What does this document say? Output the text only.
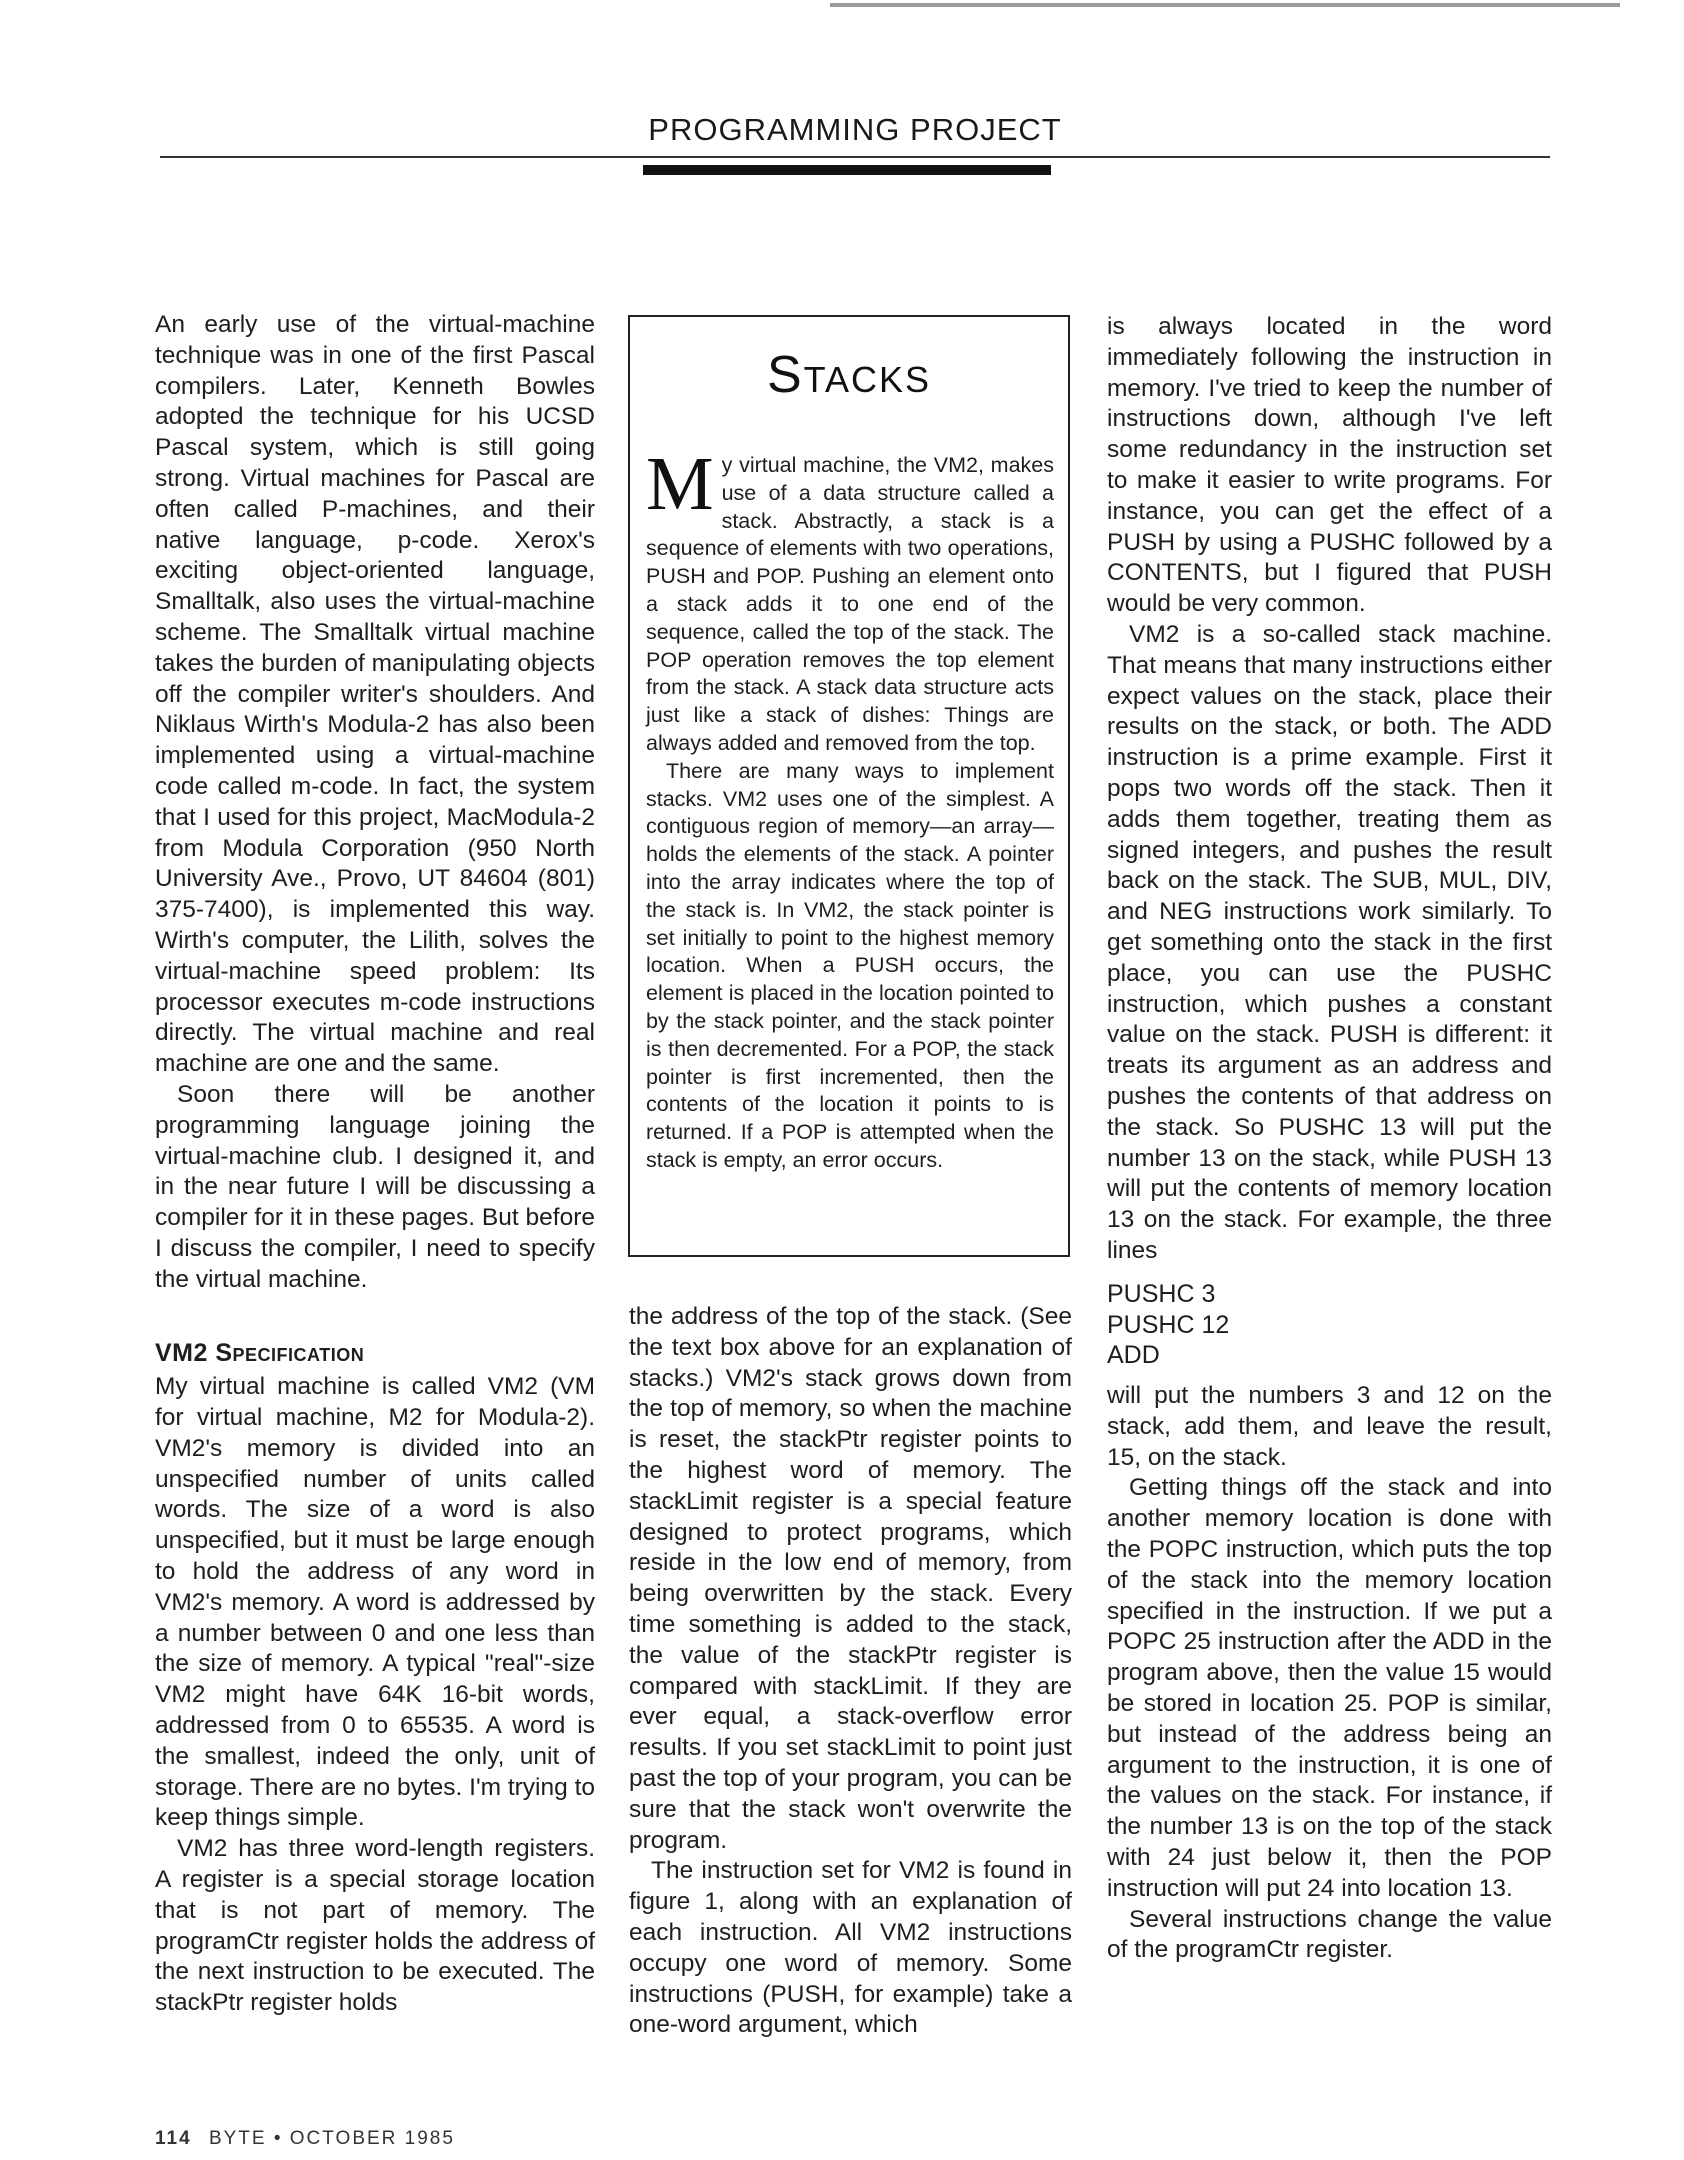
PROGRAMMING PROJECT

An early use of the virtual-machine technique was in one of the first Pascal compilers. Later, Kenneth Bowles adopted the technique for his UCSD Pascal system, which is still going strong. Virtual machines for Pascal are often called P-machines, and their native language, p-code. Xerox's exciting object-oriented language, Smalltalk, also uses the virtual-machine scheme. The Smalltalk virtual machine takes the burden of manipulating objects off the compiler writer's shoulders. And Niklaus Wirth's Modula-2 has also been implemented using a virtual-machine code called m-code. In fact, the system that I used for this project, MacModula-2 from Modula Corporation (950 North University Ave., Provo, UT 84604 (801) 375-7400), is implemented this way. Wirth's computer, the Lilith, solves the virtual-machine speed problem: Its processor executes m-code instructions directly. The virtual machine and real machine are one and the same.

Soon there will be another programming language joining the virtual-machine club. I designed it, and in the near future I will be discussing a compiler for it in these pages. But before I discuss the compiler, I need to specify the virtual machine.

VM2 Specification

My virtual machine is called VM2 (VM for virtual machine, M2 for Modula-2). VM2's memory is divided into an unspecified number of units called words. The size of a word is also unspecified, but it must be large enough to hold the address of any word in VM2's memory. A word is addressed by a number between 0 and one less than the size of memory. A typical "real"-size VM2 might have 64K 16-bit words, addressed from 0 to 65535. A word is the smallest, indeed the only, unit of storage. There are no bytes. I'm trying to keep things simple.

VM2 has three word-length registers. A register is a special storage location that is not part of memory. The programCtr register holds the address of the next instruction to be executed. The stackPtr register holds

Stacks

My virtual machine, the VM2, makes use of a data structure called a stack. Abstractly, a stack is a sequence of elements with two operations, PUSH and POP. Pushing an element onto a stack adds it to one end of the sequence, called the top of the stack. The POP operation removes the top element from the stack. A stack data structure acts just like a stack of dishes: Things are always added and removed from the top.

There are many ways to implement stacks. VM2 uses one of the simplest. A contiguous region of memory—an array—holds the elements of the stack. A pointer into the array indicates where the top of the stack is. In VM2, the stack pointer is set initially to point to the highest memory location. When a PUSH occurs, the element is placed in the location pointed to by the stack pointer, and the stack pointer is then decremented. For a POP, the stack pointer is first incremented, then the contents of the location it points to is returned. If a POP is attempted when the stack is empty, an error occurs.

the address of the top of the stack. (See the text box above for an explanation of stacks.) VM2's stack grows down from the top of memory, so when the machine is reset, the stackPtr register points to the highest word of memory. The stackLimit register is a special feature designed to protect programs, which reside in the low end of memory, from being overwritten by the stack. Every time something is added to the stack, the value of the stackPtr register is compared with stackLimit. If they are ever equal, a stack-overflow error results. If you set stackLimit to point just past the top of your program, you can be sure that the stack won't overwrite the program.

The instruction set for VM2 is found in figure 1, along with an explanation of each instruction. All VM2 instructions occupy one word of memory. Some instructions (PUSH, for example) take a one-word argument, which

is always located in the word immediately following the instruction in memory. I've tried to keep the number of instructions down, although I've left some redundancy in the instruction set to make it easier to write programs. For instance, you can get the effect of a PUSH by using a PUSHC followed by a CONTENTS, but I figured that PUSH would be very common.

VM2 is a so-called stack machine. That means that many instructions either expect values on the stack, place their results on the stack, or both. The ADD instruction is a prime example. First it pops two words off the stack. Then it adds them together, treating them as signed integers, and pushes the result back on the stack. The SUB, MUL, DIV, and NEG instructions work similarly. To get something onto the stack in the first place, you can use the PUSHC instruction, which pushes a constant value on the stack. PUSH is different: it treats its argument as an address and pushes the contents of that address on the stack. So PUSHC 13 will put the number 13 on the stack, while PUSH 13 will put the contents of memory location 13 on the stack. For example, the three lines

PUSHC 3
PUSHC 12
ADD

will put the numbers 3 and 12 on the stack, add them, and leave the result, 15, on the stack.

Getting things off the stack and into another memory location is done with the POPC instruction, which puts the top of the stack into the memory location specified in the instruction. If we put a POPC 25 instruction after the ADD in the program above, then the value 15 would be stored in location 25. POP is similar, but instead of the address being an argument to the instruction, it is one of the values on the stack. For instance, if the number 13 is on the top of the stack with 24 just below it, then the POP instruction will put 24 into location 13.

Several instructions change the value of the programCtr register.

114 BYTE • OCTOBER 1985
